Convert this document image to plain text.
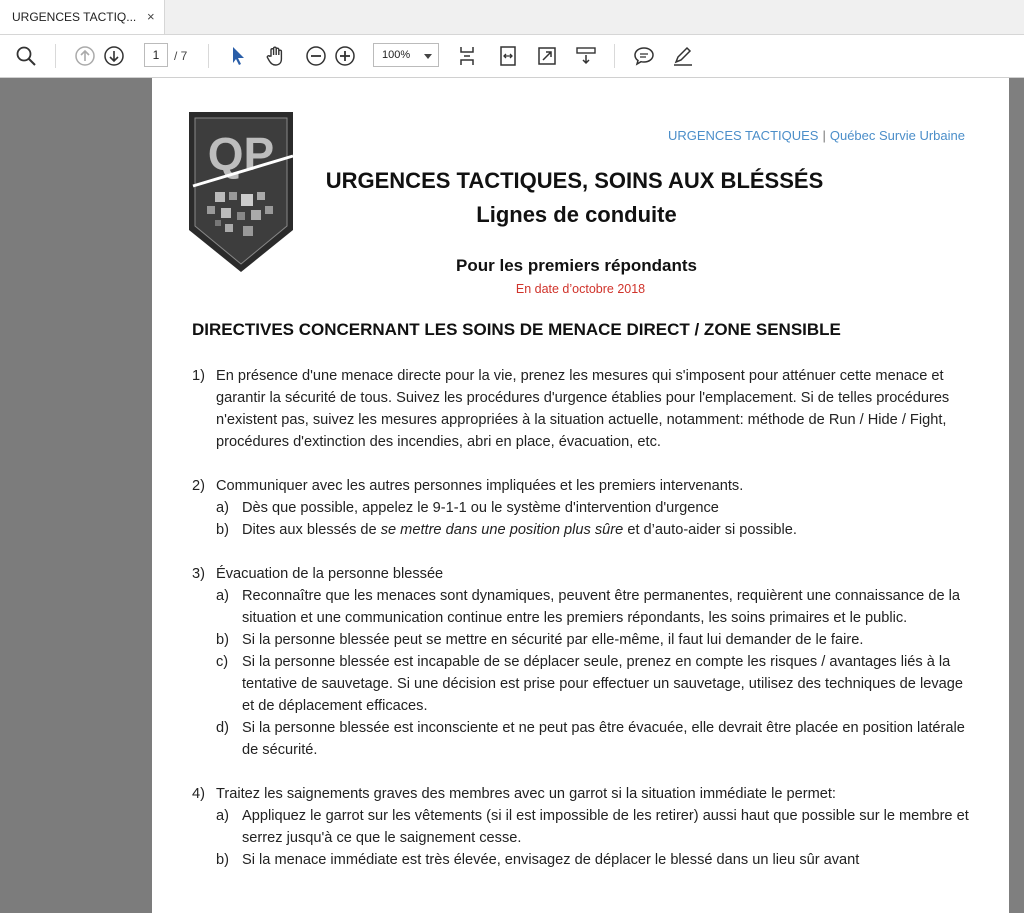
URGENCES TACTIQ... ×
1	/ 7	100%
QP	URGENCES TACTIQUES | Québec Survie Urbaine
URGENCES TACTIQUES, SOINS AUX BLÉSSÉS
Lignes de conduite
Pour les premiers répondants
En date d’octobre 2018
DIRECTIVES CONCERNANT LES SOINS DE MENACE DIRECT / ZONE SENSIBLE
1) En présence d'une menace directe pour la vie, prenez les mesures qui s'imposent pour atténuer cette menace et garantir la sécurité de tous. Suivez les procédures d'urgence établies pour l'emplacement. Si de telles procédures n'existent pas, suivez les mesures appropriées à la situation actuelle, notamment: méthode de Run / Hide / Fight, procédures d'extinction des incendies, abri en place, évacuation, etc.
2) Communiquer avec les autres personnes impliquées et les premiers intervenants.
a) Dès que possible, appelez le 9-1-1 ou le système d'intervention d'urgence
b) Dites aux blessés de se mettre dans une position plus sûre et d’auto-aider si possible.
3) Évacuation de la personne blessée
a) Reconnaître que les menaces sont dynamiques, peuvent être permanentes, requièrent une connaissance de la situation et une communication continue entre les premiers répondants, les soins primaires et le public.
b) Si la personne blessée peut se mettre en sécurité par elle-même, il faut lui demander de le faire.
c) Si la personne blessée est incapable de se déplacer seule, prenez en compte les risques / avantages liés à la tentative de sauvetage. Si une décision est prise pour effectuer un sauvetage, utilisez des techniques de levage et de déplacement efficaces.
d) Si la personne blessée est inconsciente et ne peut pas être évacuée, elle devrait être placée en position latérale de sécurité.
4) Traitez les saignements graves des membres avec un garrot si la situation immédiate le permet:
a) Appliquez le garrot sur les vêtements (si il est impossible de les retirer) aussi haut que possible sur le membre et serrez jusqu'à ce que le saignement cesse.
b) Si la menace immédiate est très élevée, envisagez de déplacer le blessé dans un lieu sûr avant
